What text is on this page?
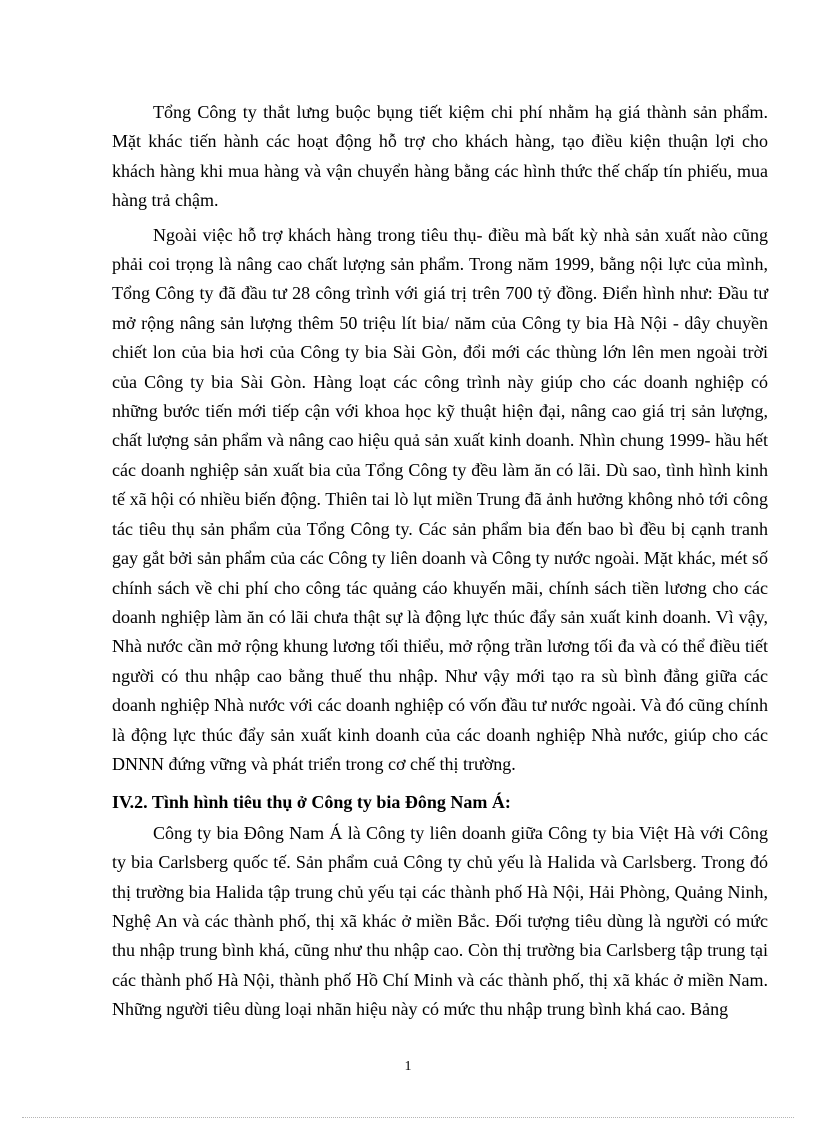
Tổng Công ty thắt lưng buộc bụng tiết kiệm chi phí nhằm hạ giá thành sản phẩm. Mặt khác tiến hành các hoạt động hỗ trợ cho khách hàng, tạo điều kiện thuận lợi cho khách hàng khi mua hàng và vận chuyển hàng bằng các hình thức thế chấp tín phiếu, mua hàng trả chậm.

Ngoài việc hỗ trợ khách hàng trong tiêu thụ- điều mà bất kỳ nhà sản xuất nào cũng phải coi trọng là nâng cao chất lượng sản phẩm. Trong năm 1999, bằng nội lực của mình, Tổng Công ty đã đầu tư 28 công trình với giá trị trên 700 tỷ đồng. Điển hình như: Đầu tư mở rộng nâng sản lượng thêm 50 triệu lít bia/ năm của Công ty bia Hà Nội - dây chuyền chiết lon của bia hơi của Công ty bia Sài Gòn, đổi mới các thùng lớn lên men ngoài trời của Công ty bia Sài Gòn. Hàng loạt các công trình này giúp cho các doanh nghiệp có những bước tiến mới tiếp cận với khoa học kỹ thuật hiện đại, nâng cao giá trị sản lượng, chất lượng sản phẩm và nâng cao hiệu quả sản xuất kinh doanh. Nhìn chung 1999- hầu hết các doanh nghiệp sản xuất bia của Tổng Công ty đều làm ăn có lãi. Dù sao, tình hình kinh tế xã hội có nhiều biến động. Thiên tai lò lụt miền Trung đã ảnh hưởng không nhỏ tới công tác tiêu thụ sản phẩm của Tổng Công ty. Các sản phẩm bia đến bao bì đều bị cạnh tranh gay gắt bởi sản phẩm của các Công ty liên doanh và Công ty nước ngoài. Mặt khác, mét số chính sách về chi phí cho công tác quảng cáo khuyến mãi, chính sách tiền lương cho các doanh nghiệp làm ăn có lãi chưa thật sự là động lực thúc đẩy sản xuất kinh doanh. Vì vậy, Nhà nước cần mở rộng khung lương tối thiểu, mở rộng trần lương tối đa và có thể điều tiết người có thu nhập cao bằng thuế thu nhập. Như vậy mới tạo ra sù bình đẳng giữa các doanh nghiệp Nhà nước với các doanh nghiệp có vốn đầu tư nước ngoài. Và đó cũng chính là động lực thúc đẩy sản xuất kinh doanh của các doanh nghiệp Nhà nước, giúp cho các DNNN đứng vững và phát triển trong cơ chế thị trường.

IV.2. Tình hình tiêu thụ ở Công ty bia Đông Nam Á:

Công ty bia Đông Nam Á là Công ty liên doanh giữa Công ty bia Việt Hà với Công ty bia Carlsberg quốc tế. Sản phẩm cuả Công ty chủ yếu là Halida và Carlsberg. Trong đó thị trường bia Halida tập trung chủ yếu tại các thành phố Hà Nội, Hải Phòng, Quảng Ninh, Nghệ An và các thành phố, thị xã khác ở miền Bắc. Đối tượng tiêu dùng là người có mức thu nhập trung bình khá, cũng như thu nhập cao. Còn thị trường bia Carlsberg tập trung tại các thành phố Hà Nội, thành phố Hồ Chí Minh và các thành phố, thị xã khác ở miền Nam. Những người tiêu dùng loại nhãn hiệu này có mức thu nhập trung bình khá cao. Bảng

1
